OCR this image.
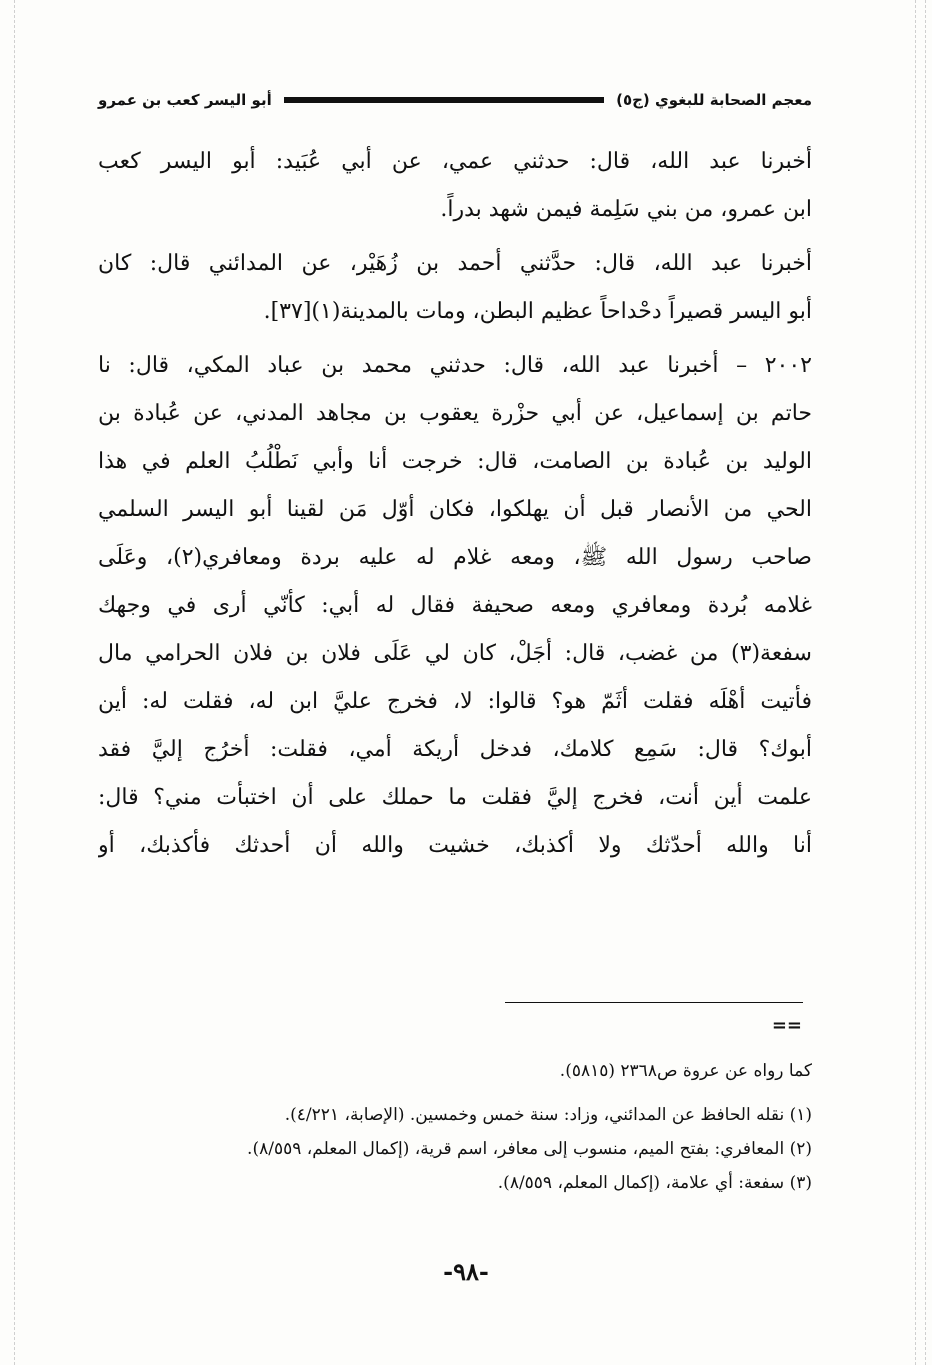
معجم الصحابة للبغوي (ج٥)
أبو اليسر كعب بن عمرو
أخبرنا عبد الله، قال: حدثني عمي، عن أبي عُبَيد: أبو اليسر كعب
ابن عمرو، من بني سَلِمة فيمن شهد بدراً.
أخبرنا عبد الله، قال: حدَّثني أحمد بن زُهَيْر، عن المدائني قال: كان
أبو اليسر قصيراً دحْداحاً عظيم البطن، ومات بالمدينة(١)[٣٧].
٢٠٠٢ – أخبرنا عبد الله، قال: حدثني محمد بن عباد المكي، قال: نا
حاتم بن إسماعيل، عن أبي حزْرة يعقوب بن مجاهد المدني، عن عُبادة بن
الوليد بن عُبادة بن الصامت، قال: خرجت أنا وأبي نَطْلُبُ العلم في هذا
الحي من الأنصار قبل أن يهلكوا، فكان أوّل مَن لقينا أبو اليسر السلمي
صاحب رسول الله ﷺ، ومعه غلام له عليه بردة ومعافري(٢)، وعَلَى
غلامه بُردة ومعافري ومعه صحيفة فقال له أبي: كأنّي أرى في وجهك
سفعة(٣) من غضب، قال: أجَلْ، كان لي عَلَى فلان بن فلان الحرامي مال
فأتيت أهْلَه فقلت أثَمّ هو؟ قالوا: لا، فخرج عليَّ ابن له، فقلت له: أين
أبوك؟ قال: سَمِع كلامك، فدخل أريكة أمي، فقلت: أخرُج إليَّ فقد
علمت أين أنت، فخرج إليَّ فقلت ما حملك على أن اختبأت مني؟ قال:
أنا والله أحدّثك ولا أكذبك، خشيت والله أن أحدثك فأكذبك، أو
==
كما رواه عن عروة ص٢٣٦٨ (٥٨١٥).
(١) نقله الحافظ عن المدائني، وزاد: سنة خمس وخمسين. (الإصابة، ٤/٢٢١).
(٢) المعافري: بفتح الميم، منسوب إلى معافر، اسم قرية، (إكمال المعلم، ٨/٥٥٩).
(٣) سفعة: أي علامة، (إكمال المعلم، ٨/٥٥٩).
-٩٨-
